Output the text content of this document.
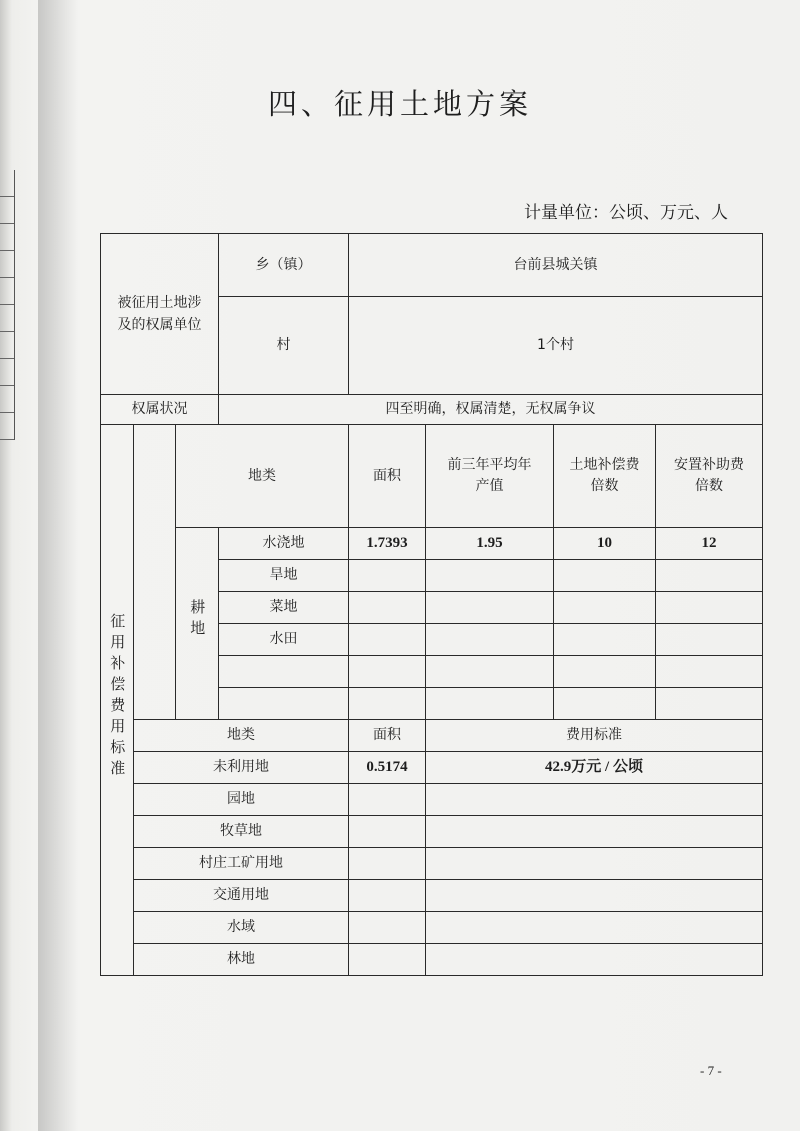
四、征用土地方案
计量单位：公顷、万元、人
被征用土地涉及的权属单位			乡（镇）	台前县城关镇			
			村	1个村			
权属状况			四至明确，权属清楚，无权属争议				
征用补偿费用标准		地类		面积	前三年平均年产值	土地补偿费倍数	安置补助费倍数
		耕地	水浇地	1.7393	1.95	10	12
			旱地				
			菜地				
			水田				

	地类			面积	费用标准		
	未利用地			0.5174	42.9万元 / 公顷		
	园地						
	牧草地						
	村庄工矿用地						
	交通用地						
	水域						
	林地						
- 7 -
